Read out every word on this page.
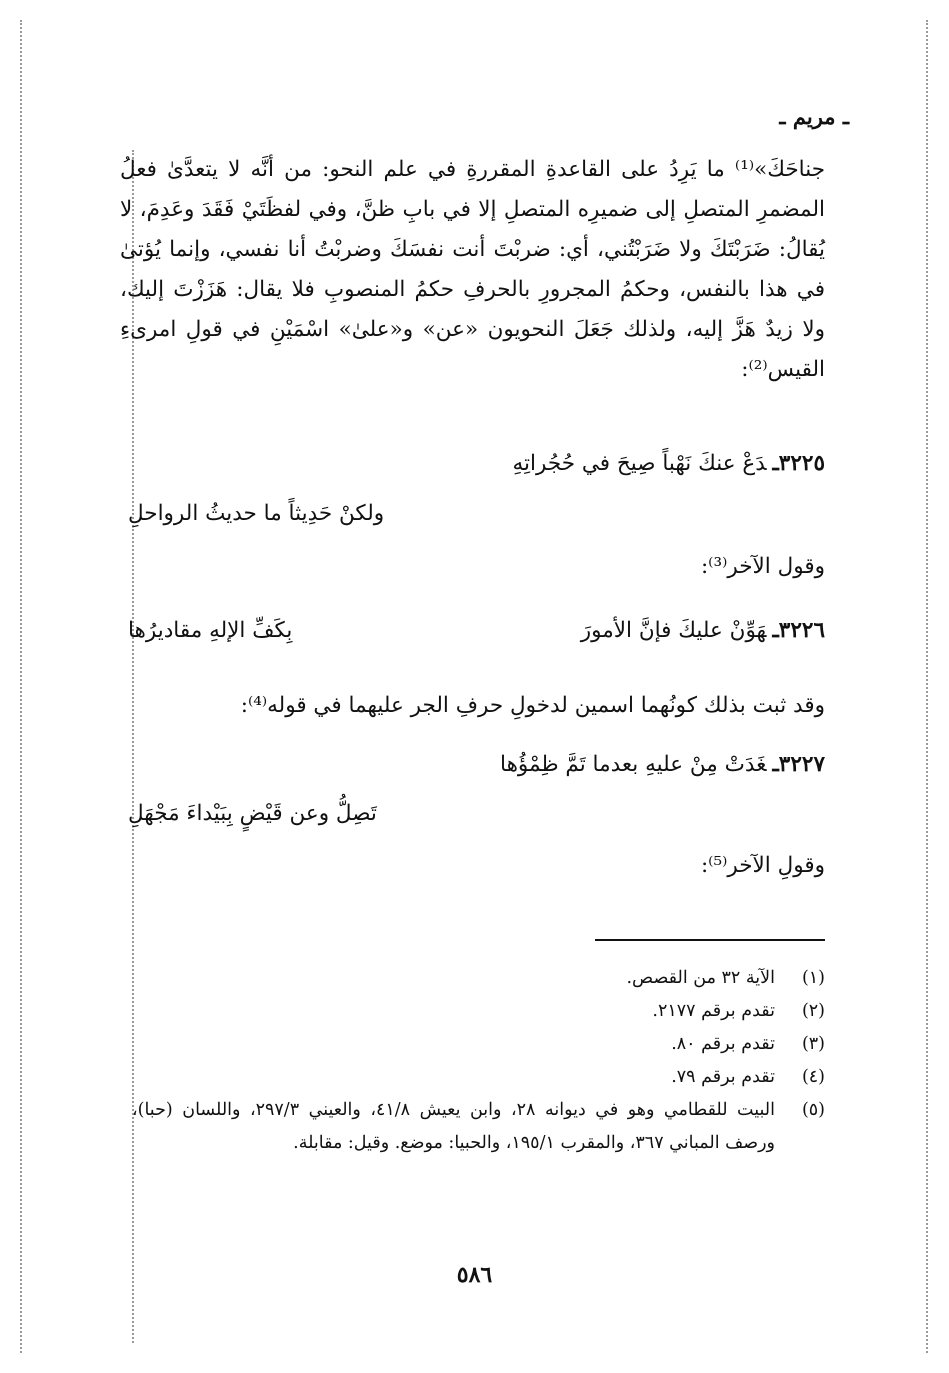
ـ مريم ـ

جناحَكَ»⁽¹⁾ ما يَرِدُ على القاعدةِ المقررةِ في علم النحو: من أنَّه لا يتعدَّىٰ فعلُ المضمرِ المتصلِ إلى ضميرِه المتصلِ إلا في بابِ ظنَّ، وفي لفظَتَيْ فَقَدَ وعَدِمَ، لا يُقالُ: ضَرَبْتَكَ ولا ضَرَبْتُني، أي: ضربْتَ أنت نفسَكَ وضربْتُ أنا نفسي، وإنما يُؤتىٰ في هذا بالنفس، وحكمُ المجرورِ بالحرفِ حكمُ المنصوبِ فلا يقال: هَزَزْتَ إليك، ولا زيدٌ هَزَّ إليه، ولذلك جَعَلَ النحويون «عن» و«علىٰ» اسْمَيْنِ في قولِ امرىءِ القيس⁽²⁾:

٣٢٢٥ـدَعْ عنكَ نَهْباً صِيحَ في حُجُراتِهِ
ولكنْ حَدِيثاً ما حديثُ الرواحلِ
وقول الآخر⁽³⁾:
٣٢٢٦ـهَوِّنْ عليكَ فإنَّ الأمورَ
بِكَفِّ الإلهِ مقاديرُها
وقد ثبت بذلك كونُهما اسمين لدخولِ حرفِ الجر عليهما في قوله⁽⁴⁾:
٣٢٢٧ـغَدَتْ مِنْ عليهِ بعدما تَمَّ ظِمْؤُها
تَصِلُّ وعن قَيْضٍ بِبَيْداءَ مَجْهَلِ
وقولِ الآخر⁽⁵⁾:
(١)
الآية ٣٢ من القصص.
(٢)
تقدم برقم ٢١٧٧.
(٣)
تقدم برقم ٨٠.
(٤)
تقدم برقم ٧٩.
(٥)
البيت للقطامي وهو في ديوانه ٢٨، وابن يعيش ٤١/٨، والعيني ٢٩٧/٣، واللسان (حبا)، ورصف المباني ٣٦٧، والمقرب ١٩٥/١، والحبيا: موضع. وقيل: مقابلة.
٥٨٦
